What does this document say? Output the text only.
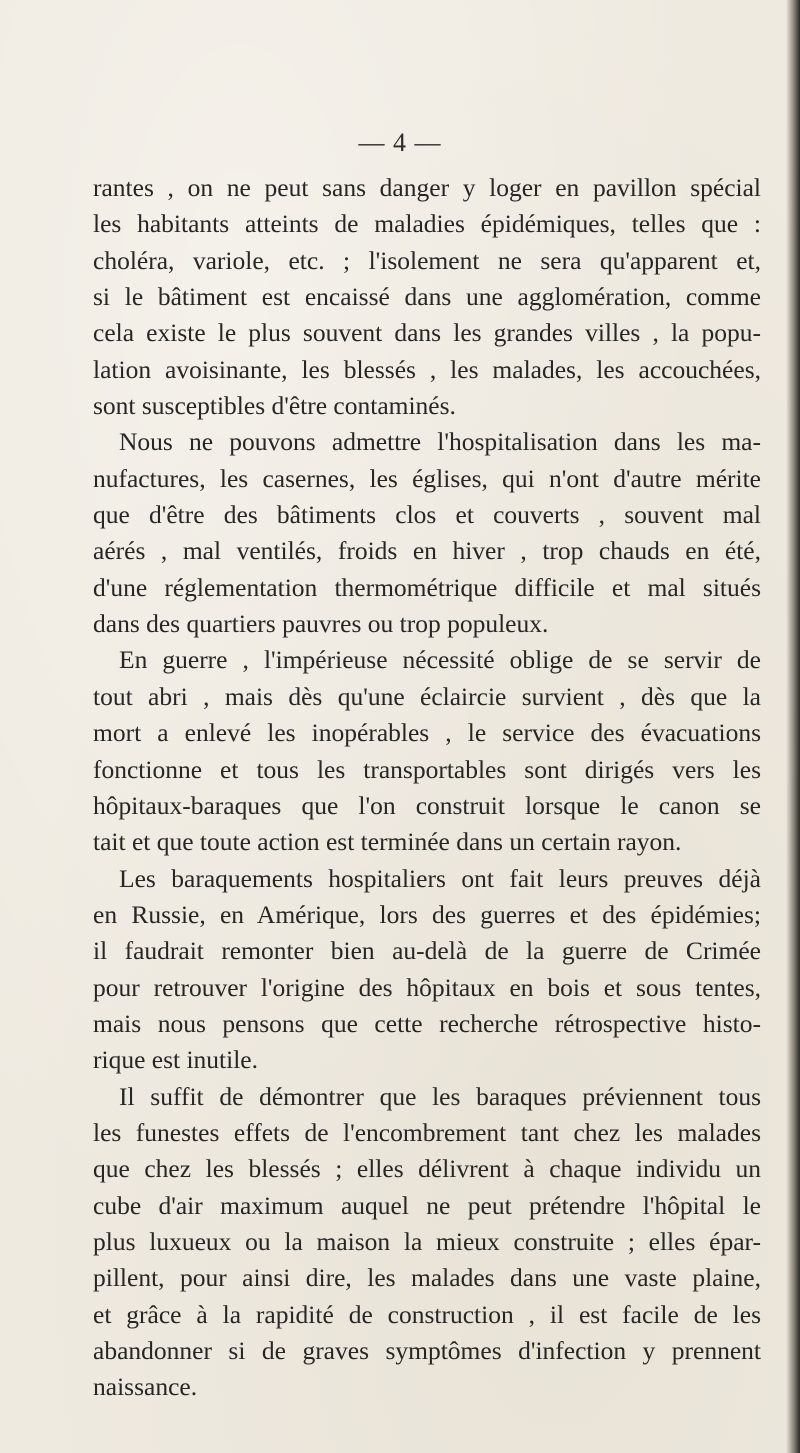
— 4 —
rantes , on ne peut sans danger y loger en pavillon spécial
les habitants atteints de maladies épidémiques, telles que :
choléra, variole, etc. ; l'isolement ne sera qu'apparent et,
si le bâtiment est encaissé dans une agglomération, comme
cela existe le plus souvent dans les grandes villes , la popu-
lation avoisinante, les blessés , les malades, les accouchées,
sont susceptibles d'être contaminés.
Nous ne pouvons admettre l'hospitalisation dans les ma-
nufactures, les casernes, les églises, qui n'ont d'autre mérite
que d'être des bâtiments clos et couverts , souvent mal
aérés , mal ventilés, froids en hiver , trop chauds en été,
d'une réglementation thermométrique difficile et mal situés
dans des quartiers pauvres ou trop populeux.
En guerre , l'impérieuse nécessité oblige de se servir de
tout abri , mais dès qu'une éclaircie survient , dès que la
mort a enlevé les inopérables , le service des évacuations
fonctionne et tous les transportables sont dirigés vers les
hôpitaux-baraques que l'on construit lorsque le canon se
tait et que toute action est terminée dans un certain rayon.
Les baraquements hospitaliers ont fait leurs preuves déjà
en Russie, en Amérique, lors des guerres et des épidémies;
il faudrait remonter bien au-delà de la guerre de Crimée
pour retrouver l'origine des hôpitaux en bois et sous tentes,
mais nous pensons que cette recherche rétrospective histo-
rique est inutile.
Il suffit de démontrer que les baraques préviennent tous
les funestes effets de l'encombrement tant chez les malades
que chez les blessés ; elles délivrent à chaque individu un
cube d'air maximum auquel ne peut prétendre l'hôpital le
plus luxueux ou la maison la mieux construite ; elles épar-
pillent, pour ainsi dire, les malades dans une vaste plaine,
et grâce à la rapidité de construction , il est facile de les
abandonner si de graves symptômes d'infection y prennent
naissance.
